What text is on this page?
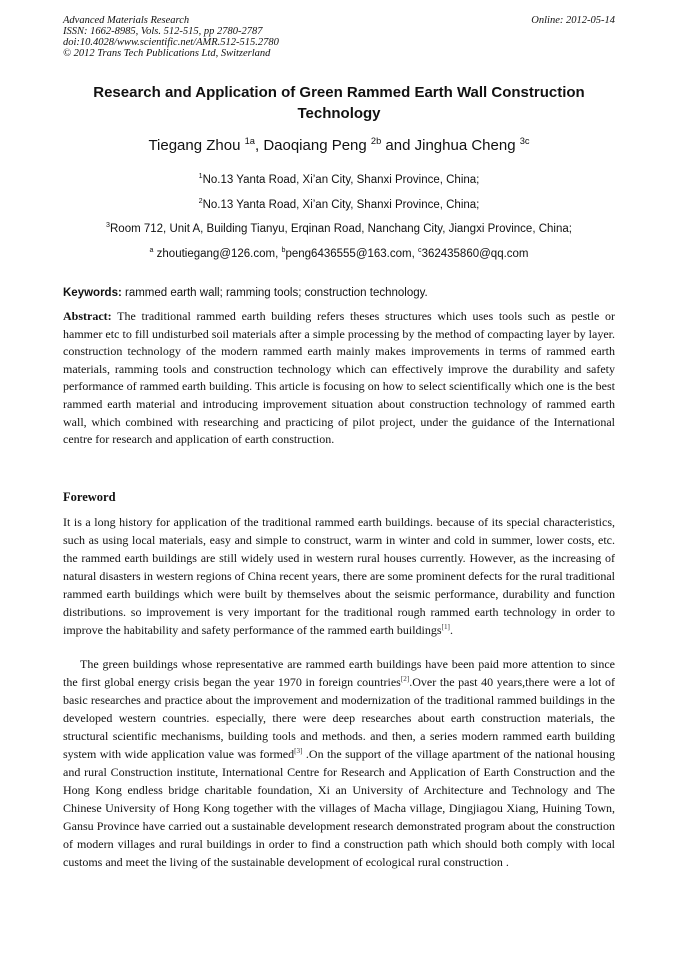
Advanced Materials Research	Online: 2012-05-14
ISSN: 1662-8985, Vols. 512-515, pp 2780-2787
doi:10.4028/www.scientific.net/AMR.512-515.2780
© 2012 Trans Tech Publications Ltd, Switzerland
Research and Application of Green Rammed Earth Wall Construction Technology
Tiegang Zhou $^{1a}$, Daoqiang Peng $^{2b}$ and Jinghua Cheng $^{3c}$
$^1$No.13 Yanta Road, Xi’an City, Shanxi Province, China;
$^2$No.13 Yanta Road, Xi’an City, Shanxi Province, China;
$^3$Room 712, Unit A, Building Tianyu, Erqinan Road, Nanchang City, Jiangxi Province, China;
$^a$ zhoutiegang@126.com, $^b$peng6436555@163.com, $^c$362435860@qq.com
Keywords: rammed earth wall; ramming tools; construction technology.
Abstract: The traditional rammed earth building refers theses structures which uses tools such as pestle or hammer etc to fill undisturbed soil materials after a simple processing by the method of compacting layer by layer. construction technology of the modern rammed earth mainly makes improvements in terms of rammed earth materials, ramming tools and construction technology which can effectively improve the durability and safety performance of rammed earth building. This article is focusing on how to select scientifically which one is the best rammed earth material and introducing improvement situation about construction technology of rammed earth wall, which combined with researching and practicing of pilot project, under the guidance of the International centre for research and application of earth construction.
Foreword
It is a long history for application of the traditional rammed earth buildings. because of its special characteristics, such as using local materials, easy and simple to construct, warm in winter and cold in summer, lower costs, etc. the rammed earth buildings are still widely used in western rural houses currently. However, as the increasing of natural disasters in western regions of China recent years, there are some prominent defects for the rural traditional rammed earth buildings which were built by themselves about the seismic performance, durability and function distributions. so improvement is very important for the traditional rough rammed earth technology in order to improve the habitability and safety performance of the rammed earth buildings[1].
The green buildings whose representative are rammed earth buildings have been paid more attention to since the first global energy crisis began the year 1970 in foreign countries[2].Over the past 40 years,there were a lot of basic researches and practice about the improvement and modernization of the traditional rammed buildings in the developed western countries. especially, there were deep researches about earth construction materials, the structural scientific mechanisms, building tools and methods. and then, a series modern rammed earth building system with wide application value was formed[3] .On the support of the village apartment of the national housing and rural Construction institute, International Centre for Research and Application of Earth Construction and the Hong Kong endless bridge charitable foundation, Xi an University of Architecture and Technology and The Chinese University of Hong Kong together with the villages of Macha village, Dingjiagou Xiang, Huining Town, Gansu Province have carried out a sustainable development research demonstrated program about the construction of modern villages and rural buildings in order to find a construction path which should both comply with local customs and meet the living of the sustainable development of ecological rural construction .
